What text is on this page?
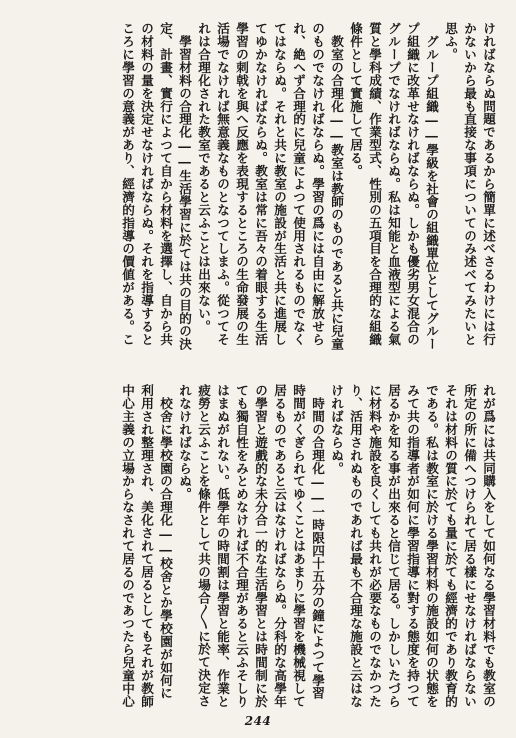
ければならぬ問題であるから簡單に述べさるわけには行
かないから最も直接な事項についてのみ述べてみたいと
思ふ。
　グループ組織――學級を社會の組織單位としてグルー
プ組織に改革せなければならぬ。しかも優劣男女混合の
グループでなければならぬ。私は知能と血液型による氣
質と學科成績、作業型式、性別の五項目を合理的な組織
條件として實施して居る。
　教室の合理化――教室は教師のものであると共に兒童
のものでなければならぬ。學習の爲には自由に解放せら
れ、絶へず合理的に兒童によつて使用されるものでなく
てはならぬ。それと共に教室の施設が生活と共に進展し
てゆかなければならぬ。教室は常に吾々の着眼する生活
學習の刺戟を與へ反應を表現するところの生命發展の生
活場でなければ無意義なものとなつてしまふ。從つてそ
れは合理化された教室であると云ふことは出來ない。
　學習材料の合理化――生活學習に於ては共の目的の決
定、計畫、實行によつて自から材料を選擇し、自から共
の材料の量を決定せなければならぬ。それを指導すると
ころに學習の意義があり、經濟的指導の價値がある。こ
れが爲には共同購入をして如何なる學習材料でも教室の
所定の所に備へつけられて居る樣にせなければならない
それは材料の質に於ても量に於ても經濟的であり教育的
である。私は教室に於ける學習材料の施設如何の状態を
みて共の指導者が如何に學習指導に對する態度を持つて
居るかを知る事が出來ると信じて居る。しかしいたづら
に材料や施設を良くしても共れが必要なものでなかつた
り、活用されぬものであれば最も不合理な施設と云はな
ければならぬ。
　時間の合理化――一時限四十五分の鐘によつて學習
時間がくぎられてゆくことはあまりに學習を機械視して
居るものであると云はなければならぬ。分科的な高學年
の學習と遊戲的な未分合一的な生活學習とは時間制に於
ても獨自性をみとめなければ不合理があると云ふそしり
はまぬがれない。低學年の時間割は學習と能率、作業と
疲勞と云ふことを條件として共の場合〳〵に於て決定さ
れなければならぬ。
　校舍に學校園の合理化――校舍とか學校園が如何に
利用され整理され、美化されて居るとしてもそれが教師
中心主義の立場からなされて居るのであつたら兒童中心
244
